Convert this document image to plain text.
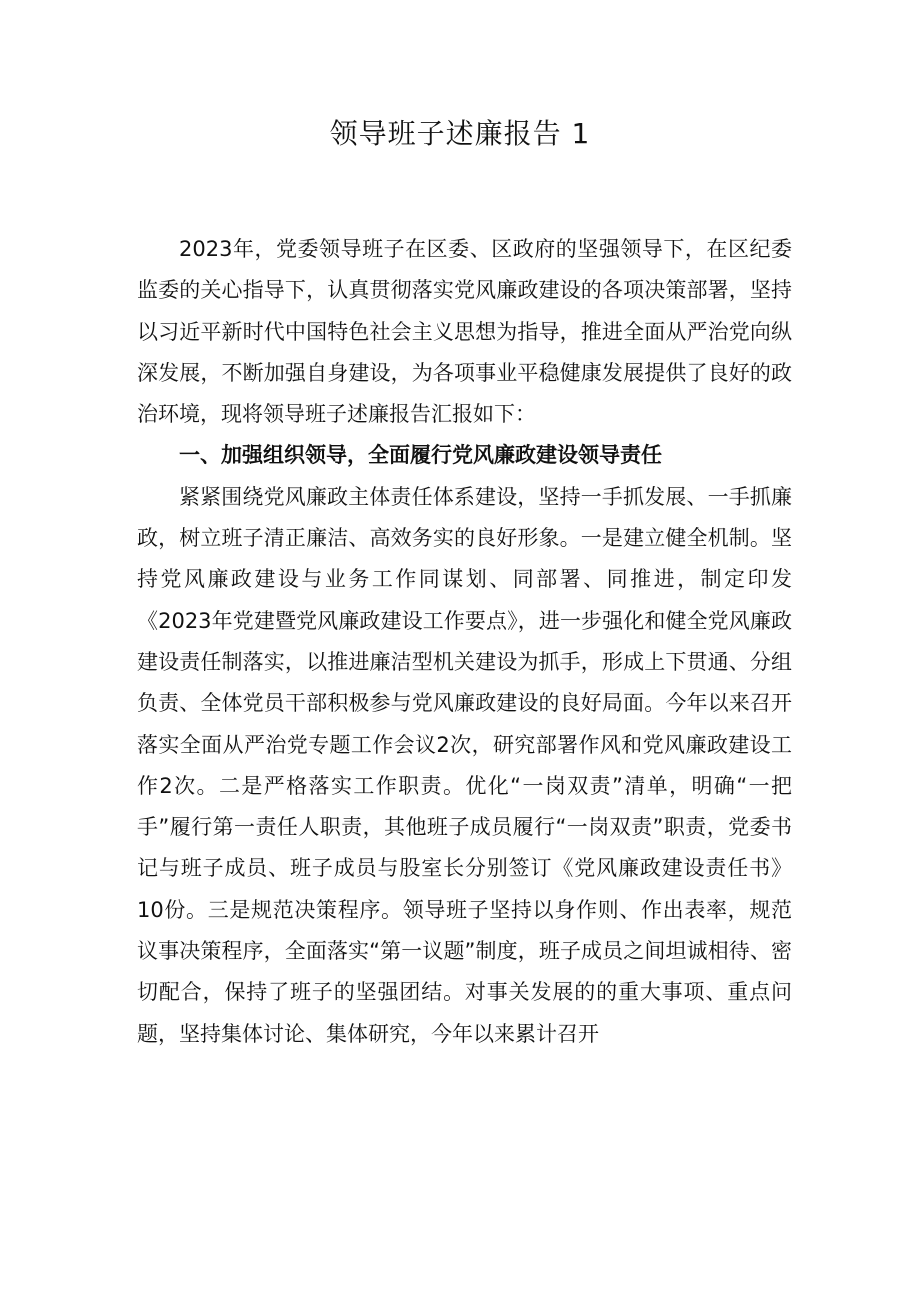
领导班子述廉报告 1

2023年，党委领导班子在区委、区政府的坚强领导下，在区纪委监委的关心指导下，认真贯彻落实党风廉政建设的各项决策部署，坚持以习近平新时代中国特色社会主义思想为指导，推进全面从严治党向纵深发展，不断加强自身建设，为各项事业平稳健康发展提供了良好的政治环境，现将领导班子述廉报告汇报如下：

一、加强组织领导，全面履行党风廉政建设领导责任

紧紧围绕党风廉政主体责任体系建设，坚持一手抓发展、一手抓廉政，树立班子清正廉洁、高效务实的良好形象。一是建立健全机制。坚持党风廉政建设与业务工作同谋划、同部署、同推进，制定印发《2023年党建暨党风廉政建设工作要点》，进一步强化和健全党风廉政建设责任制落实，以推进廉洁型机关建设为抓手，形成上下贯通、分组负责、全体党员干部积极参与党风廉政建设的良好局面。今年以来召开落实全面从严治党专题工作会议2次，研究部署作风和党风廉政建设工作2次。二是严格落实工作职责。优化“一岗双责”清单，明确“一把手”履行第一责任人职责，其他班子成员履行“一岗双责”职责，党委书记与班子成员、班子成员与股室长分别签订《党风廉政建设责任书》10份。三是规范决策程序。领导班子坚持以身作则、作出表率，规范议事决策程序，全面落实“第一议题”制度，班子成员之间坦诚相待、密切配合，保持了班子的坚强团结。对事关发展的的重大事项、重点问题，坚持集体讨论、集体研究，今年以来累计召开
